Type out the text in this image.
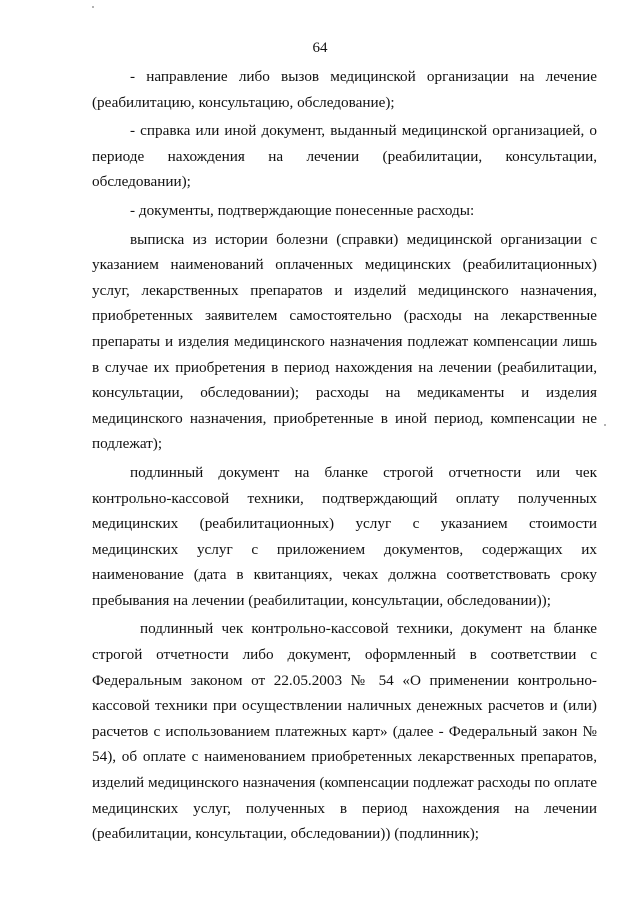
64

- направление либо вызов медицинской организации на лечение (реабилитацию, консультацию, обследование);

- справка или иной документ, выданный медицинской организацией, о периоде нахождения на лечении (реабилитации, консультации, обследовании);

- документы, подтверждающие понесенные расходы:

выписка из истории болезни (справки) медицинской организации с указанием наименований оплаченных медицинских (реабилитационных) услуг, лекарственных препаратов и изделий медицинского назначения, приобретенных заявителем самостоятельно (расходы на лекарственные препараты и изделия медицинского назначения подлежат компенсации лишь в случае их приобретения в период нахождения на лечении (реабилитации, консультации, обследовании); расходы на медикаменты и изделия медицинского назначения, приобретенные в иной период, компенсации не подлежат);

подлинный документ на бланке строгой отчетности или чек контрольно-кассовой техники, подтверждающий оплату полученных медицинских (реабилитационных) услуг с указанием стоимости медицинских услуг с приложением документов, содержащих их наименование (дата в квитанциях, чеках должна соответствовать сроку пребывания на лечении (реабилитации, консультации, обследовании));

подлинный чек контрольно-кассовой техники, документ на бланке строгой отчетности либо документ, оформленный в соответствии с Федеральным законом от 22.05.2003 № 54 «О применении контрольно-кассовой техники при осуществлении наличных денежных расчетов и (или) расчетов с использованием платежных карт» (далее - Федеральный закон № 54), об оплате с наименованием приобретенных лекарственных препаратов, изделий медицинского назначения (компенсации подлежат расходы по оплате медицинских услуг, полученных в период нахождения на лечении (реабилитации, консультации, обследовании)) (подлинник);
